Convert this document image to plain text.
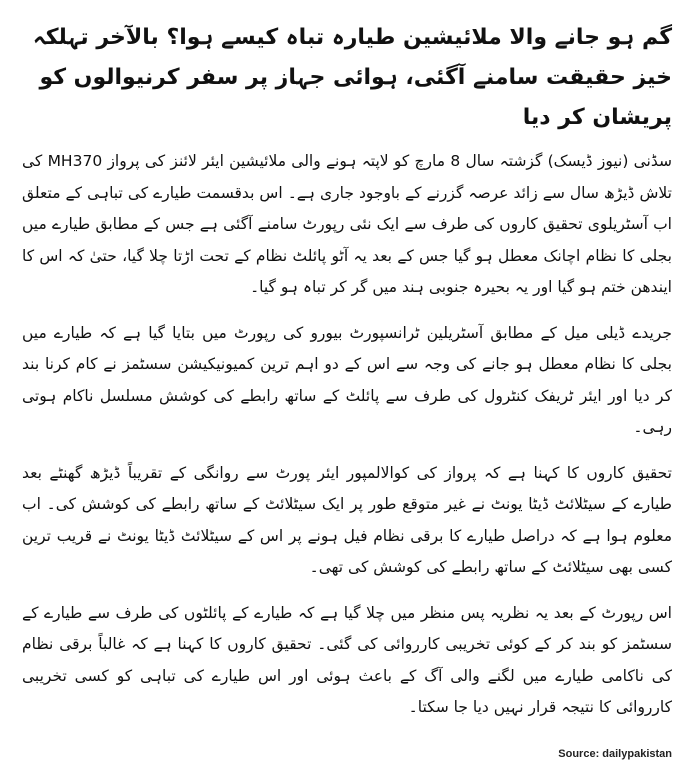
گم ہو جانے والا ملائیشین طیارہ تباہ کیسے ہوا؟ بالآخر تہلکہ خیز حقیقت سامنے آگئی، ہوائی جہاز پر سفر کرنیوالوں کو پریشان کر دیا

سڈنی (نیوز ڈیسک) گزشتہ سال 8 مارچ کو لاپتہ ہونے والی ملائیشین ایئر لائنز کی پرواز MH370 کی تلاش ڈیڑھ سال سے زائد عرصہ گزرنے کے باوجود جاری ہے۔ اس بدقسمت طیارے کی تباہی کے متعلق اب آسٹریلوی تحقیق کاروں کی طرف سے ایک نئی رپورٹ سامنے آگئی ہے جس کے مطابق طیارے میں بجلی کا نظام اچانک معطل ہو گیا جس کے بعد یہ آٹو پائلٹ نظام کے تحت اڑتا چلا گیا، حتیٰ کہ اس کا ایندھن ختم ہو گیا اور یہ بحیرہ جنوبی ہند میں گر کر تباہ ہو گیا۔

جریدے ڈیلی میل کے مطابق آسٹریلین ٹرانسپورٹ بیورو کی رپورٹ میں بتایا گیا ہے کہ طیارے میں بجلی کا نظام معطل ہو جانے کی وجہ سے اس کے دو اہم ترین کمیونیکیشن سسٹمز نے کام کرنا بند کر دیا اور ایئر ٹریفک کنٹرول کی طرف سے پائلٹ کے ساتھ رابطے کی کوشش مسلسل ناکام ہوتی رہی۔

تحقیق کاروں کا کہنا ہے کہ پرواز کی کوالالمپور ایئر پورٹ سے روانگی کے تقریباً ڈیڑھ گھنٹے بعد طیارے کے سیٹلائٹ ڈیٹا یونٹ نے غیر متوقع طور پر ایک سیٹلائٹ کے ساتھ رابطے کی کوشش کی۔ اب معلوم ہوا ہے کہ دراصل طیارے کا برقی نظام فیل ہونے پر اس کے سیٹلائٹ ڈیٹا یونٹ نے قریب ترین کسی بھی سیٹلائٹ کے ساتھ رابطے کی کوشش کی تھی۔

اس رپورٹ کے بعد یہ نظریہ پس منظر میں چلا گیا ہے کہ طیارے کے پائلٹوں کی طرف سے طیارے کے سسٹمز کو بند کر کے کوئی تخریبی کارروائی کی گئی۔ تحقیق کاروں کا کہنا ہے کہ غالباً برقی نظام کی ناکامی طیارے میں لگنے والی آگ کے باعث ہوئی اور اس طیارے کی تباہی کو کسی تخریبی کارروائی کا نتیجہ قرار نہیں دیا جا سکتا۔

Source: dailypakistan
